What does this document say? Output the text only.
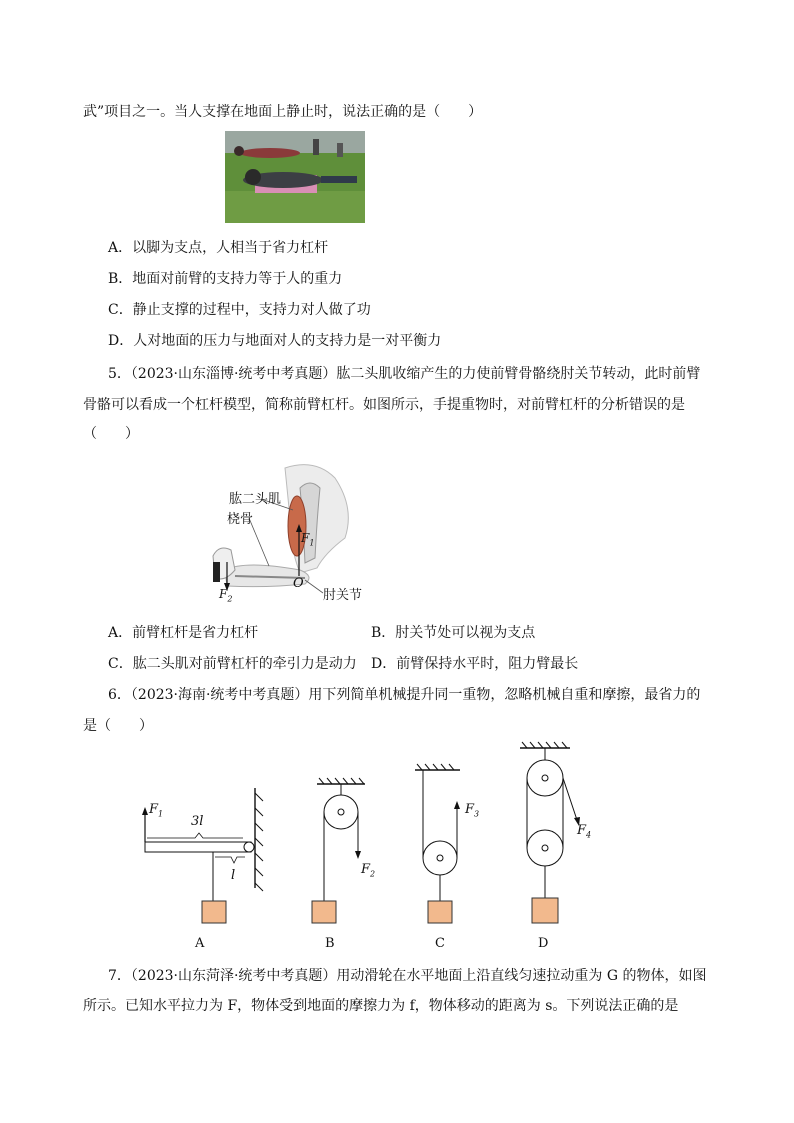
武”项目之一。当人支撑在地面上静止时，说法正确的是（　　）
A．以脚为支点，人相当于省力杠杆
B．地面对前臂的支持力等于人的重力
C．静止支撑的过程中，支持力对人做了功
D．人对地面的压力与地面对人的支持力是一对平衡力
5．（2023·山东淄博·统考中考真题）肱二头肌收缩产生的力使前臂骨骼绕肘关节转动，此时前臂
骨骼可以看成一个杠杆模型，简称前臂杠杆。如图所示，手提重物时，对前臂杠杆的分析错误的是
（　　）
肱二头肌
桡骨
$F_1$
$F_2$
O
肘关节
A．前臂杠杆是省力杠杆	B．肘关节处可以视为支点
C．肱二头肌对前臂杠杆的牵引力是动力 D．前臂保持水平时，阻力臂最长
6．（2023·海南·统考中考真题）用下列简单机械提升同一重物，忽略机械自重和摩擦，最省力的
是（　　）
$F_1$ 3l
l	$F_2$
$F_3$
$F_4$
A	B	C	D
7．（2023·山东菏泽·统考中考真题）用动滑轮在水平地面上沿直线匀速拉动重为 G 的物体，如图
所示。已知水平拉力为 F，物体受到地面的摩擦力为 f，物体移动的距离为 s。下列说法正确的是
